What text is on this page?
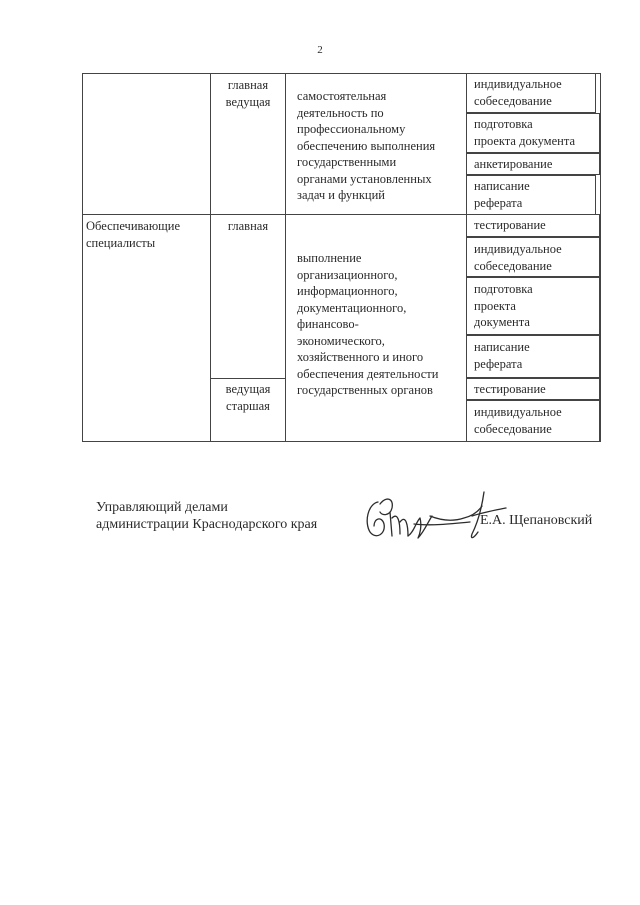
2
главная
ведущая	самостоятельная
деятельность по
профессиональному
обеспечению выполнения
государственными
органами установленных
задач и функций
индивидуальное
собеседование
подготовка
проекта документа
анкетирование
написание
реферата
Обеспечивающие
специалисты
главная
ведущая
старшая
выполнение
организационного,
информационного,
документационного,
финансово-
экономического,
хозяйственного и иного
обеспечения деятельности
государственных органов
тестирование
индивидуальное
собеседование
подготовка
проекта
документа
написание
реферата
тестирование
индивидуальное
собеседование
Управляющий делами
администрации Краснодарского края	Е.А. Щепановский
